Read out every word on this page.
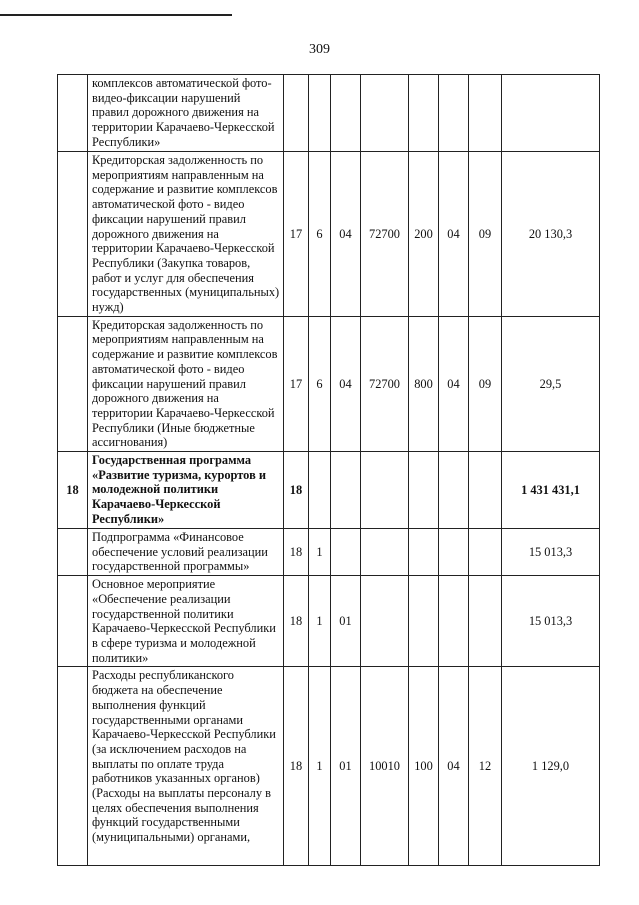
309
	комплексов автоматической фото-видео-фиксации нарушений правил дорожного движения на территории Карачаево-Черкесской Республики»								
	Кредиторская задолженность по мероприятиям направленным на содержание и развитие комплексов автоматической фото - видео фиксации нарушений правил дорожного движения на территории Карачаево-Черкесской Республики (Закупка товаров, работ и услуг для обеспечения государственных (муниципальных) нужд)	17	6	04	72700	200	04	09	20 130,3
	Кредиторская задолженность по мероприятиям направленным на содержание и развитие комплексов автоматической фото - видео фиксации нарушений правил дорожного движения на территории Карачаево-Черкесской Республики (Иные бюджетные ассигнования)	17	6	04	72700	800	04	09	29,5
18	Государственная программа «Развитие туризма, курортов и молодежной политики Карачаево-Черкесской Республики»	18							1 431 431,1
	Подпрограмма «Финансовое обеспечение условий реализации государственной программы»	18	1						15 013,3
	Основное мероприятие «Обеспечение реализации государственной политики Карачаево-Черкесской Республики в сфере туризма и молодежной политики»	18	1	01					15 013,3
	Расходы республиканского бюджета на обеспечение выполнения функций государственными органами Карачаево-Черкесской Республики (за исключением расходов на выплаты по оплате труда работников указанных органов) (Расходы на выплаты персоналу в целях обеспечения выполнения функций государственными (муниципальными) органами,	18	1	01	10010	100	04	12	1 129,0
